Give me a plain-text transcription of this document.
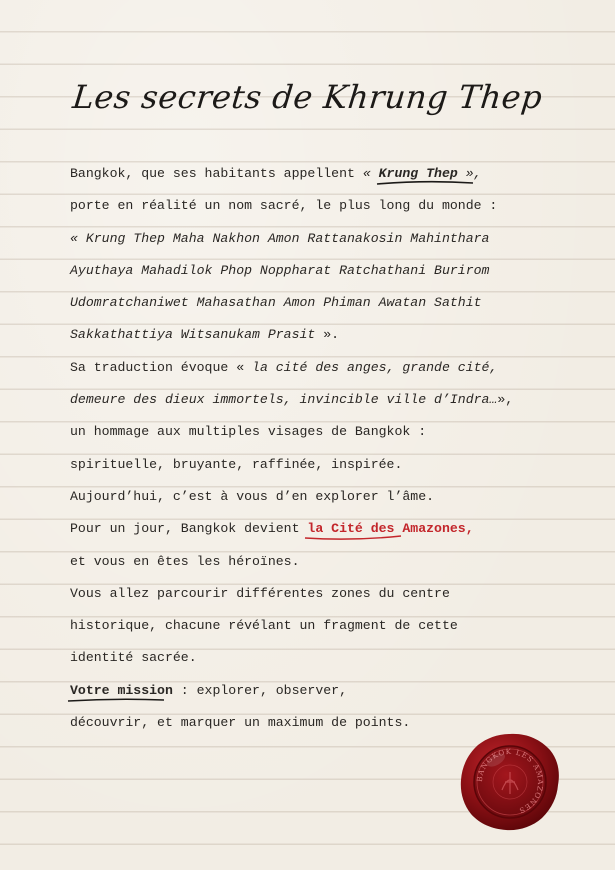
Les secrets de Khrung Thep
Bangkok, que ses habitants appellent « Krung Thep
»,
porte en réalité un nom sacré, le plus long du monde :
« Krung Thep Maha Nakhon Amon Rattanakosin Mahinthara
Ayuthaya Mahadilok Phop Noppharat Ratchathani Burirom
Udomratchaniwet Mahasathan Amon Phiman Awatan Sathit
Sakkathattiya Witsanukam Prasit ».
Sa traduction évoque « la cité des anges, grande cité,
demeure des dieux immortels, invincible ville d’Indra…»,
un hommage aux multiples visages de Bangkok :
spirituelle, bruyante, raffinée, inspirée.
Aujourd’hui, c’est à vous d’en explorer l’âme.
Pour un jour, Bangkok devient la Cité des Amazones
,
et vous en êtes les héroïnes.
Vous allez parcourir différentes zones du centre
historique, chacune révélant un fragment de cette
identité sacrée.
Votre mission
: explorer, observer,
découvrir, et marquer un maximum de points.
BANGKOK LES AMAZONES
